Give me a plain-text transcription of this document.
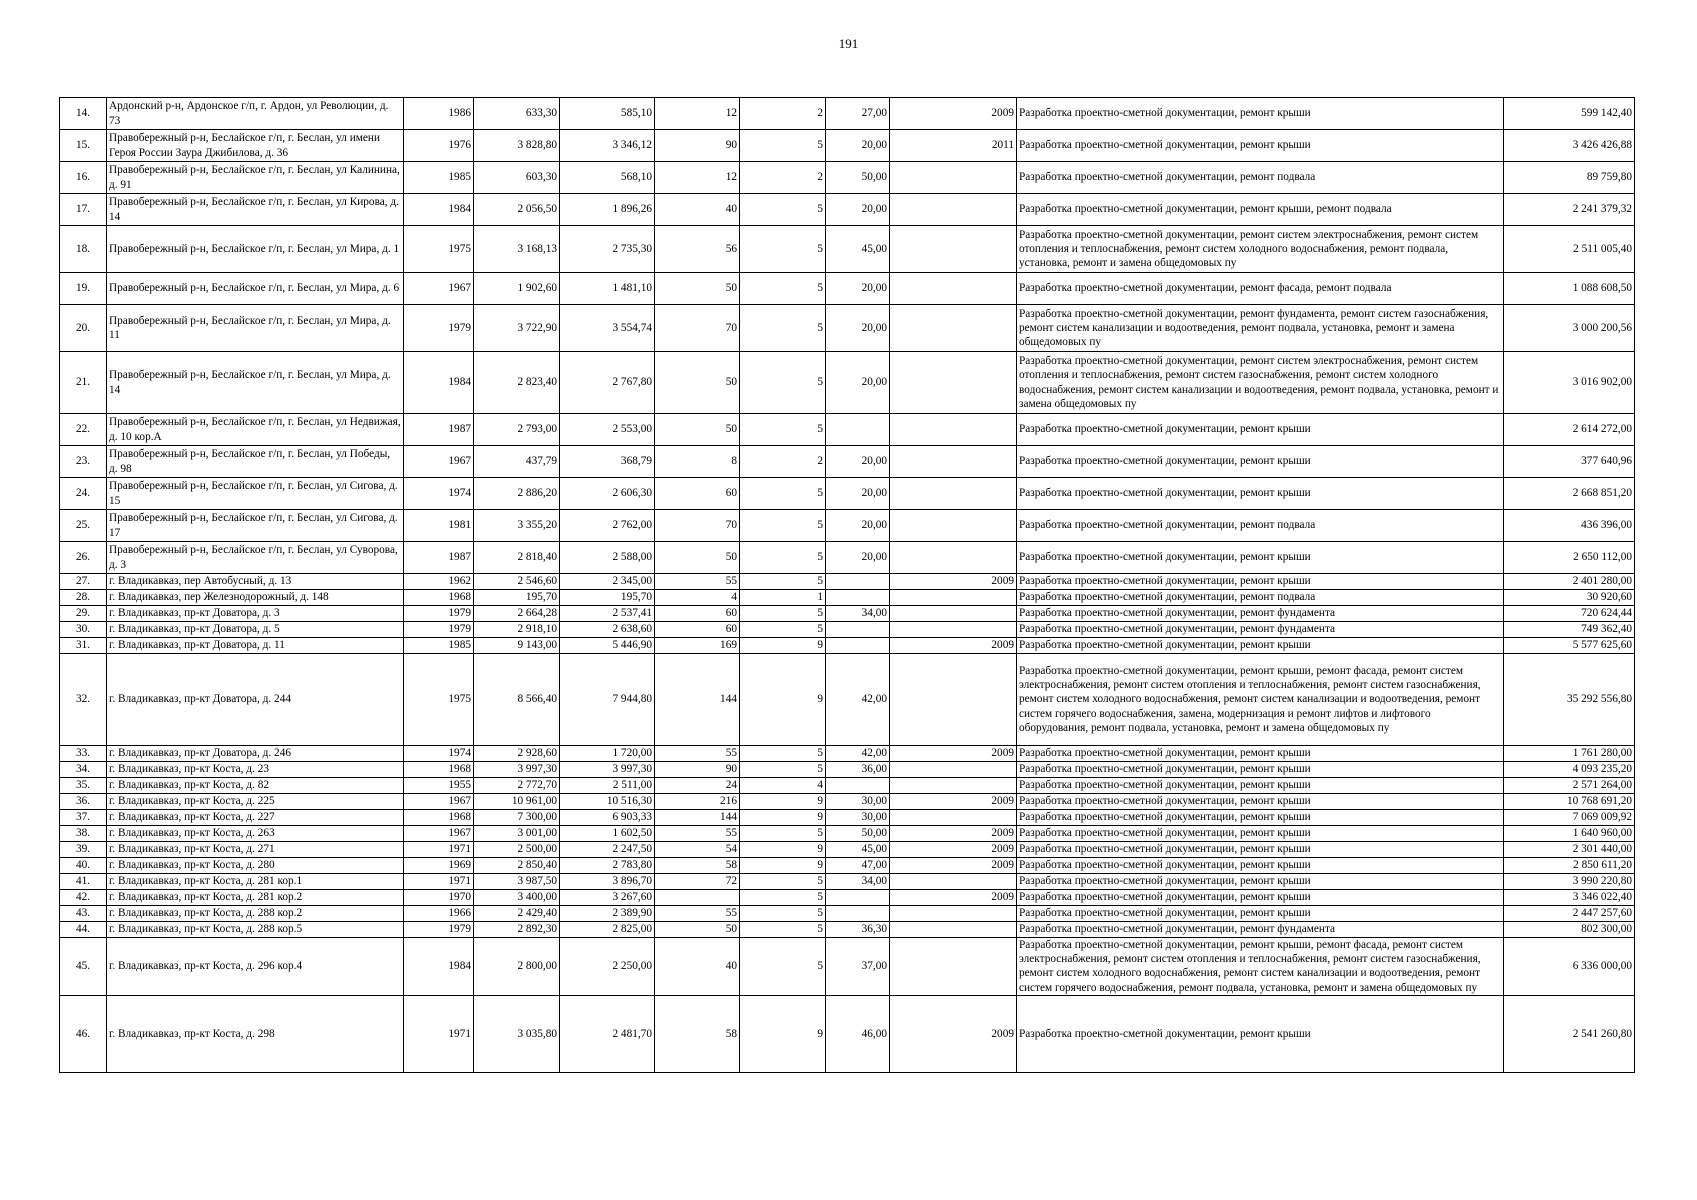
191
14.	Ардонский р-н, Ардонское г/п, г. Ардон, ул Революции, д. 73	1986	633,30	585,10	12	2	27,00	2009	Разработка проектно-сметной документации, ремонт крыши	599 142,40
15.	Правобережный р-н, Беслайское г/п, г. Беслан, ул имени Героя России Заура Джибилова, д. 36	1976	3 828,80	3 346,12	90	5	20,00	2011	Разработка проектно-сметной документации, ремонт крыши	3 426 426,88
16.	Правобережный р-н, Беслайское г/п, г. Беслан, ул Калинина, д. 91	1985	603,30	568,10	12	2	50,00		Разработка проектно-сметной документации, ремонт подвала	89 759,80
17.	Правобережный р-н, Беслайское г/п, г. Беслан, ул Кирова, д. 14	1984	2 056,50	1 896,26	40	5	20,00		Разработка проектно-сметной документации, ремонт крыши, ремонт подвала	2 241 379,32
18.	Правобережный р-н, Беслайское г/п, г. Беслан, ул Мира, д. 1	1975	3 168,13	2 735,30	56	5	45,00		Разработка проектно-сметной документации, ремонт систем электроснабжения, ремонт систем отопления и теплоснабжения, ремонт систем холодного водоснабжения, ремонт подвала, установка, ремонт и замена общедомовых пу	2 511 005,40
19.	Правобережный р-н, Беслайское г/п, г. Беслан, ул Мира, д. 6	1967	1 902,60	1 481,10	50	5	20,00		Разработка проектно-сметной документации, ремонт фасада, ремонт подвала	1 088 608,50
20.	Правобережный р-н, Беслайское г/п, г. Беслан, ул Мира, д. 11	1979	3 722,90	3 554,74	70	5	20,00		Разработка проектно-сметной документации, ремонт фундамента, ремонт систем газоснабжения, ремонт систем канализации и водоотведения, ремонт подвала, установка, ремонт и замена общедомовых пу	3 000 200,56
21.	Правобережный р-н, Беслайское г/п, г. Беслан, ул Мира, д. 14	1984	2 823,40	2 767,80	50	5	20,00		Разработка проектно-сметной документации, ремонт систем электроснабжения, ремонт систем отопления и теплоснабжения, ремонт систем газоснабжения, ремонт систем холодного водоснабжения, ремонт систем канализации и водоотведения, ремонт подвала, установка, ремонт и замена общедомовых пу	3 016 902,00
22.	Правобережный р-н, Беслайское г/п, г. Беслан, ул Недвижая, д. 10 кор.А	1987	2 793,00	2 553,00	50	5			Разработка проектно-сметной документации, ремонт крыши	2 614 272,00
23.	Правобережный р-н, Беслайское г/п, г. Беслан, ул Победы, д. 98	1967	437,79	368,79	8	2	20,00		Разработка проектно-сметной документации, ремонт крыши	377 640,96
24.	Правобережный р-н, Беслайское г/п, г. Беслан, ул Сигова, д. 15	1974	2 886,20	2 606,30	60	5	20,00		Разработка проектно-сметной документации, ремонт крыши	2 668 851,20
25.	Правобережный р-н, Беслайское г/п, г. Беслан, ул Сигова, д. 17	1981	3 355,20	2 762,00	70	5	20,00		Разработка проектно-сметной документации, ремонт подвала	436 396,00
26.	Правобережный р-н, Беслайское г/п, г. Беслан, ул Суворова, д. 3	1987	2 818,40	2 588,00	50	5	20,00		Разработка проектно-сметной документации, ремонт крыши	2 650 112,00
27.	г. Владикавказ, пер Автобусный, д. 13	1962	2 546,60	2 345,00	55	5		2009	Разработка проектно-сметной документации, ремонт крыши	2 401 280,00
28.	г. Владикавказ, пер Железнодорожный, д. 148	1968	195,70	195,70	4	1			Разработка проектно-сметной документации, ремонт подвала	30 920,60
29.	г. Владикавказ, пр-кт Доватора, д. 3	1979	2 664,28	2 537,41	60	5	34,00		Разработка проектно-сметной документации, ремонт фундамента	720 624,44
30.	г. Владикавказ, пр-кт Доватора, д. 5	1979	2 918,10	2 638,60	60	5			Разработка проектно-сметной документации, ремонт фундамента	749 362,40
31.	г. Владикавказ, пр-кт Доватора, д. 11	1985	9 143,00	5 446,90	169	9		2009	Разработка проектно-сметной документации, ремонт крыши	5 577 625,60
32.	г. Владикавказ, пр-кт Доватора, д. 244	1975	8 566,40	7 944,80	144	9	42,00		Разработка проектно-сметной документации, ремонт крыши, ремонт фасада, ремонт систем электроснабжения, ремонт систем отопления и теплоснабжения, ремонт систем газоснабжения, ремонт систем холодного водоснабжения, ремонт систем канализации и водоотведения, ремонт систем горячего водоснабжения, замена, модернизация и ремонт лифтов и лифтового оборудования, ремонт подвала, установка, ремонт и замена общедомовых пу	35 292 556,80
33.	г. Владикавказ, пр-кт Доватора, д. 246	1974	2 928,60	1 720,00	55	5	42,00	2009	Разработка проектно-сметной документации, ремонт крыши	1 761 280,00
34.	г. Владикавказ, пр-кт Коста, д. 23	1968	3 997,30	3 997,30	90	5	36,00		Разработка проектно-сметной документации, ремонт крыши	4 093 235,20
35.	г. Владикавказ, пр-кт Коста, д. 82	1955	2 772,70	2 511,00	24	4			Разработка проектно-сметной документации, ремонт крыши	2 571 264,00
36.	г. Владикавказ, пр-кт Коста, д. 225	1967	10 961,00	10 516,30	216	9	30,00	2009	Разработка проектно-сметной документации, ремонт крыши	10 768 691,20
37.	г. Владикавказ, пр-кт Коста, д. 227	1968	7 300,00	6 903,33	144	9	30,00		Разработка проектно-сметной документации, ремонт крыши	7 069 009,92
38.	г. Владикавказ, пр-кт Коста, д. 263	1967	3 001,00	1 602,50	55	5	50,00	2009	Разработка проектно-сметной документации, ремонт крыши	1 640 960,00
39.	г. Владикавказ, пр-кт Коста, д. 271	1971	2 500,00	2 247,50	54	9	45,00	2009	Разработка проектно-сметной документации, ремонт крыши	2 301 440,00
40.	г. Владикавказ, пр-кт Коста, д. 280	1969	2 850,40	2 783,80	58	9	47,00	2009	Разработка проектно-сметной документации, ремонт крыши	2 850 611,20
41.	г. Владикавказ, пр-кт Коста, д. 281 кор.1	1971	3 987,50	3 896,70	72	5	34,00		Разработка проектно-сметной документации, ремонт крыши	3 990 220,80
42.	г. Владикавказ, пр-кт Коста, д. 281 кор.2	1970	3 400,00	3 267,60		5		2009	Разработка проектно-сметной документации, ремонт крыши	3 346 022,40
43.	г. Владикавказ, пр-кт Коста, д. 288 кор.2	1966	2 429,40	2 389,90	55	5			Разработка проектно-сметной документации, ремонт крыши	2 447 257,60
44.	г. Владикавказ, пр-кт Коста, д. 288 кор.5	1979	2 892,30	2 825,00	50	5	36,30		Разработка проектно-сметной документации, ремонт фундамента	802 300,00
45.	г. Владикавказ, пр-кт Коста, д. 296 кор.4	1984	2 800,00	2 250,00	40	5	37,00		Разработка проектно-сметной документации, ремонт крыши, ремонт фасада, ремонт систем электроснабжения, ремонт систем отопления и теплоснабжения, ремонт систем газоснабжения, ремонт систем холодного водоснабжения, ремонт систем канализации и водоотведения, ремонт систем горячего водоснабжения, ремонт подвала, установка, ремонт и замена общедомовых пу	6 336 000,00
46.	г. Владикавказ, пр-кт Коста, д. 298	1971	3 035,80	2 481,70	58	9	46,00	2009	Разработка проектно-сметной документации, ремонт крыши	2 541 260,80
